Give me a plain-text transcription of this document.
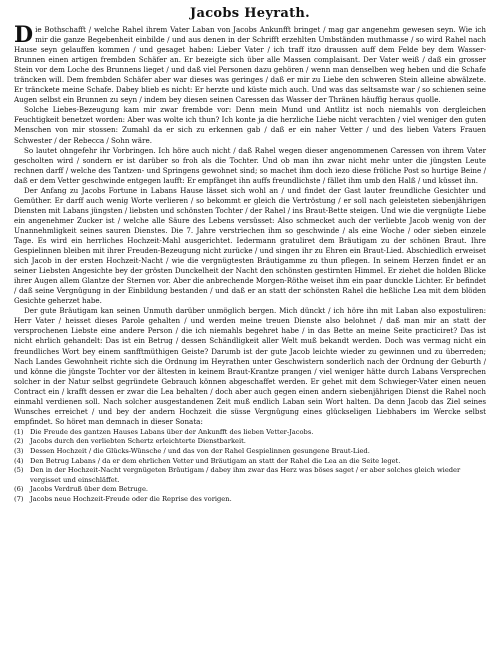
Jacobs Heyrath.

Die Bothschafft / welche Rahel ihrem Vater Laban von Jacobs Ankunfft bringet / mag gar angenehm gewesen seyn. Wie ich mir die ganze Begebenheit einbilde / und aus denen in der Schrifft erzehlten Umbständen muthmasse / so wird Rahel nach Hause seyn gelauffen kommen / und gesaget haben: Lieber Vater / ich traff itzo draussen auff dem Felde bey dem Wasser-Brunnen einen artigen frembden Schäfer an. Er bezeigte sich über alle Massen complaisant. Der Vater weiß / daß ein grosser Stein vor dem Loche des Brunnens lieget / und daß viel Personen dazu gehören / wenn man denselben weg heben und die Schafe träncken will. Dem frembden Schäfer aber war dieses was geringes / daß er mir zu Liebe den schweren Stein alleine abwälzete. Er tränckete meine Schafe. Dabey blieb es nicht: Er herzte und küste mich auch. Und was das seltsamste war / so schienen seine Augen selbst ein Brunnen zu seyn / indem bey diesen seinen Caressen das Wasser der Thränen häuffig heraus quolle.

Solche Liebes-Bezeugung kam mir zwar frembde vor: Denn mein Mund und Antlitz ist noch niemahls von dergleichen Feuchtigkeit benetzet worden: Aber was wolte ich thun? Ich konte ja die herzliche Liebe nicht verachten / viel weniger den guten Menschen von mir stossen: Zumahl da er sich zu erkennen gab / daß er ein naher Vetter / und des lieben Vaters Frauen Schwester / der Rebecca / Sohn wäre.

So lautet ohngefehr ihr Vorbringen. Ich höre auch nicht / daß Rahel wegen dieser angenommenen Caressen von ihrem Vater gescholten wird / sondern er ist darüber so froh als die Tochter. Und ob man ihn zwar nicht mehr unter die jüngsten Leute rechnen darff / welche des Tantzen- und Springens gewohnet sind; so machet ihm doch iezo diese fröliche Post so hurtige Beine / daß er dem Vetter geschwinde entgegen laufft: Er empfänget ihn auffs freundlichste / fället ihm umb den Halß / und küsset ihn.

Der Anfang zu Jacobs Fortune in Labans Hause lässet sich wohl an / und findet der Gast lauter freundliche Gesichter und Gemüther. Er darff auch wenig Worte verlieren / so bekommt er gleich die Vertröstung / er soll nach geleisteten siebenjährigen Diensten mit Labans jüngsten / liebsten und schönsten Tochter / der Rahel / ins Braut-Bette steigen. Und wie die vergnügte Liebe ein angenehmer Zucker ist / welche alle Säure des Lebens versüsset: Also schmecket auch der verliebte Jacob wenig von der Unannehmligkeit seines sauren Dienstes. Die 7. Jahre verstriechen ihm so geschwinde / als eine Woche / oder sieben einzele Tage. Es wird ein herrliches Hochzeit-Mahl ausgerichtet. Iedermann gratuliret dem Bräutigam zu der schönen Braut. Ihre Gespielinnen bleiben mit ihrer Freuden-Bezeugung nicht zurücke / und singen ihr zu Ehren ein Braut-Lied. Abschiedlich erweiset sich Jacob in der ersten Hochzeit-Nacht / wie die vergnügtesten Bräutigamme zu thun pflegen. In seinem Herzen findet er an seiner Liebsten Angesichte bey der grösten Dunckelheit der Nacht den schönsten gestirnten Himmel. Er ziehet die holden Blicke ihrer Augen allem Glantze der Sternen vor. Aber die anbrechende Morgen-Röthe weiset ihm ein paar dunckle Lichter. Er befindet / daß seine Vergnügung in der Einbildung bestanden / und daß er an statt der schönsten Rahel die heßliche Lea mit dem blöden Gesichte geherzet habe.

Der gute Bräutigam kan seinen Unmuth darüber unmöglich bergen. Mich dünckt / ich höre ihn mit Laban also expostuliren: Herr Vater / heisset dieses Parole gehalten / und werden meine treuen Dienste also belohnet / daß man mir an statt der versprochenen Liebste eine andere Person / die ich niemahls begehret habe / in das Bette an meine Seite practiciret? Das ist nicht ehrlich gehandelt: Das ist ein Betrug / dessen Schändligkeit aller Welt muß bekandt werden. Doch was vermag nicht ein freundliches Wort bey einem sanfftmüthigen Geiste? Darumb ist der gute Jacob leichte wieder zu gewinnen und zu überreden; Nach Landes Gewohnheit richte sich die Ordnung im Heyrathen unter Geschwistern sonderlich nach der Ordnung der Geburth / und könne die jüngste Tochter vor der ältesten in keinem Braut-Krantze prangen / viel weniger hätte durch Labans Versprechen solcher in der Natur selbst gegründete Gebrauch können abgeschaffet werden. Er gehet mit dem Schwieger-Vater einen neuen Contract ein / krafft dessen er zwar die Lea behalten / doch aber auch gegen einen andern siebenjährigen Dienst die Rahel noch einmahl verdienen soll. Nach solcher ausgestandenen Zeit muß endlich Laban sein Wort halten. Da denn Jacob das Ziel seines Wunsches erreichet / und bey der andern Hochzeit die süsse Vergnügung eines glückseligen Liebhabers im Wercke selbst empfindet. So höret man demnach in dieser Sonata:

(1) Die Freude des gantzen Hauses Labans über der Ankunfft des lieben Vetter-Jacobs.
(2) Jacobs durch den verliebten Schertz erleichterte Dienstbarkeit.
(3) Dessen Hochzeit / die Glücks-Wünsche / und das von der Rahel Gespielinnen gesungene Braut-Lied.
(4) Den Betrug Labans / da er dem ehrlichen Vetter und Bräutigam an statt der Rahel die Lea an die Seite leget.
(5) Den in der Hochzeit-Nacht vergnügeten Bräutigam / dabey ihm zwar das Herz was böses saget / er aber solches gleich wieder vergisset und einschläffet.
(6) Jacobs Verdruß über dem Betruge.
(7) Jacobs neue Hochzeit-Freude oder die Reprise des vorigen.
